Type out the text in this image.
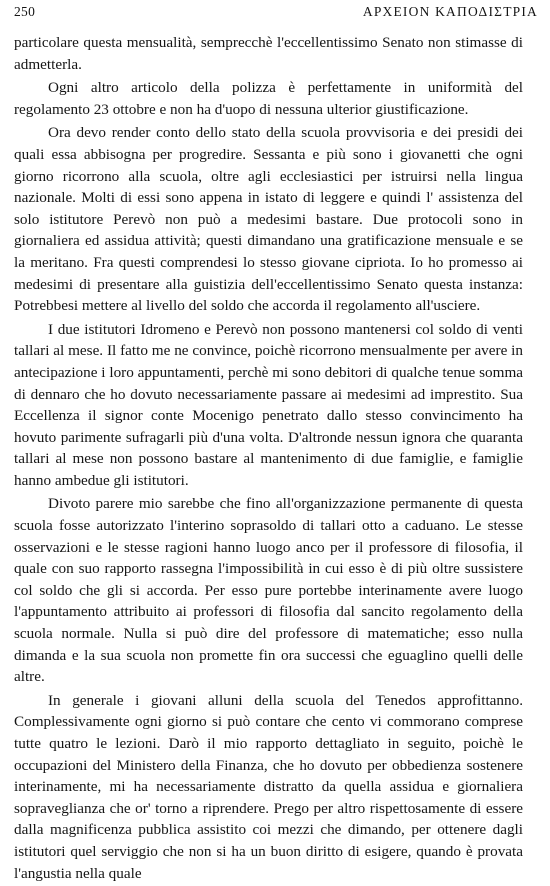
250	ΑΡΧΕΙΟΝ ΚΑΠΟΔΙΣΤΡΙΑ

particolare questa mensualità, semprecchè l'eccellentissimo Senato non stimasse di admetterla.

Ogni altro articolo della polizza è perfettamente in uniformità del regolamento 23 ottobre e non ha d'uopo di nessuna ulterior giustificazione.

Ora devo render conto dello stato della scuola provvisoria e dei presidi dei quali essa abbisogna per progredire. Sessanta e più sono i giovanetti che ogni giorno ricorrono alla scuola, oltre agli ecclesiastici per istruirsi nella lingua nazionale. Molti di essi sono appena in istato di leggere e quindi l' assistenza del solo istitutore Perevò non può a medesimi bastare. Due protocoli sono in giornaliera ed assidua attività; questi dimandano una gratificazione mensuale e se la meritano. Fra questi comprendesi lo stesso giovane cipriota. Io ho promesso ai medesimi di presentare alla guistizia dell'eccellentissimo Senato questa instanza: Potrebbesi mettere al livello del soldo che accorda il regolamento all'usciere.

I due istitutori Idromeno e Perevò non possono mantenersi col soldo di venti tallari al mese. Il fatto me ne convince, poichè ricorrono mensualmente per avere in antecipazione i loro appuntamenti, perchè mi sono debitori di qualche tenue somma di dennaro che ho dovuto necessariamente passare ai medesimi ad imprestito. Sua Eccellenza il signor conte Mocenigo penetrato dallo stesso convincimento ha hovuto parimente sufragarli più d'una volta. D'altronde nessun ignora che quaranta tallari al mese non possono bastare al mantenimento di due famiglie, e famiglie hanno ambedue gli istitutori.

Divoto parere mio sarebbe che fino all'organizzazione permanente di questa scuola fosse autorizzato l'interino soprasoldo di tallari otto a caduano. Le stesse osservazioni e le stesse ragioni hanno luogo anco per il professore di filosofia, il quale con suo rapporto rassegna l'impossibilità in cui esso è di più oltre sussistere col soldo che gli si accorda. Per esso pure portebbe interinamente avere luogo l'appuntamento attribuito ai professori di filosofia dal sancito regolamento della scuola normale. Nulla si può dire del professore di matematiche; esso nulla dimanda e la sua scuola non promette fin ora successi che eguaglino quelli delle altre.

In generale i giovani alluni della scuola del Tenedos approfittanno. Complessivamente ogni giorno si può contare che cento vi commorano comprese tutte quatro le lezioni. Darò il mio rapporto dettagliato in seguito, poichè le occupazioni del Ministero della Finanza, che ho dovuto per obbedienza sostenere interinamente, mi ha necessariamente distratto da quella assidua e giornaliera sopraveglianza che or' torno a riprendere. Prego per altro rispettosamente di essere dalla magnificenza pubblica assistito coi mezzi che dimando, per ottenere dagli istitutori quel serviggio che non si ha un buon diritto di esigere, quando è provata l'angustia nella quale
